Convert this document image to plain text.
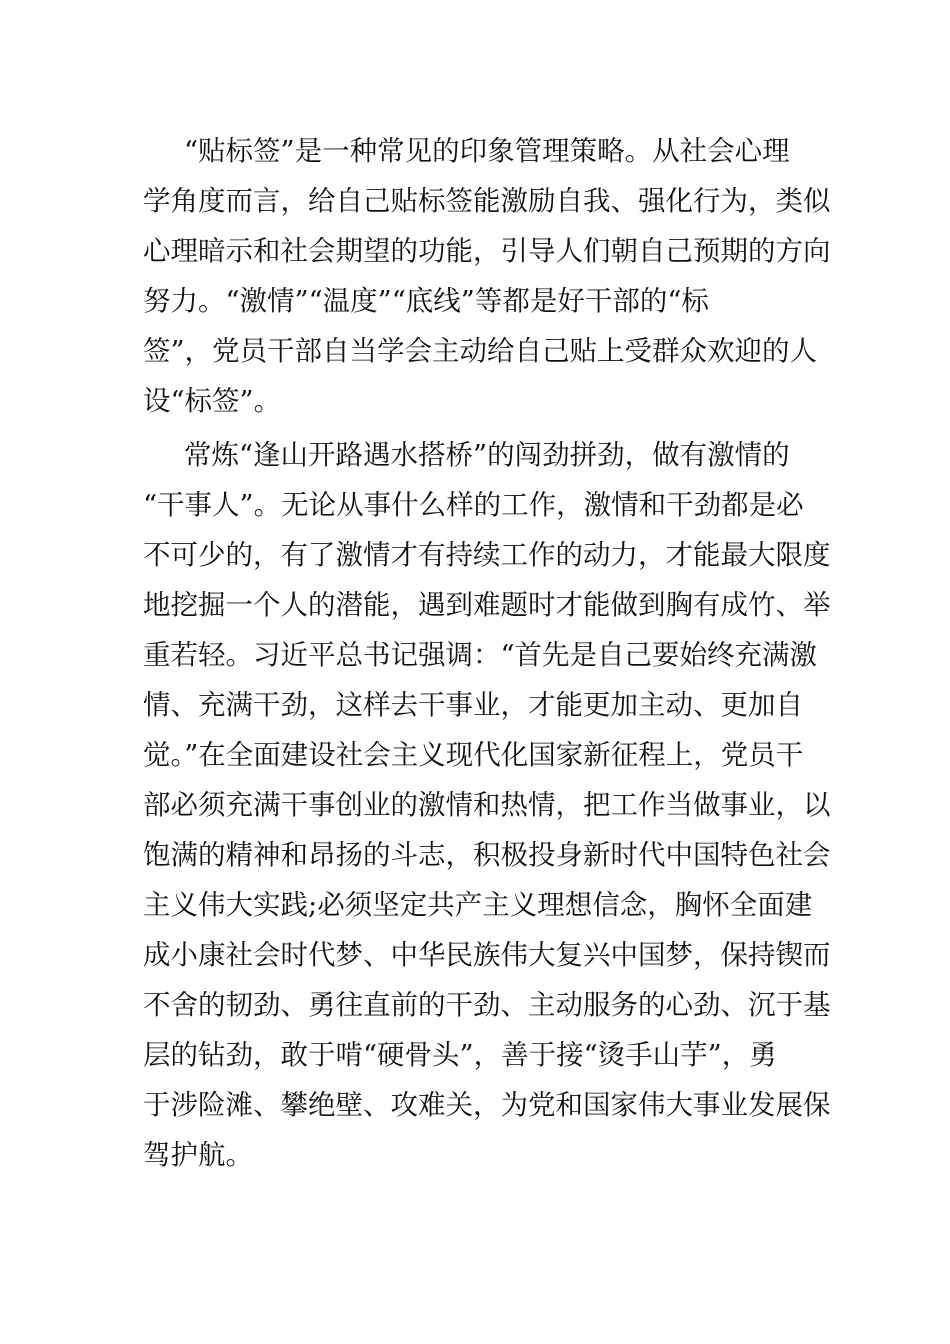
“贴标签”是一种常见的印象管理策略。从社会心理
学角度而言，给自己贴标签能激励自我、强化行为，类似
心理暗示和社会期望的功能，引导人们朝自己预期的方向
努力。“激情”“温度”“底线”等都是好干部的“标
签”，党员干部自当学会主动给自己贴上受群众欢迎的人
设“标签”。
常炼“逢山开路遇水搭桥”的闯劲拼劲，做有激情的
“干事人”。无论从事什么样的工作，激情和干劲都是必
不可少的，有了激情才有持续工作的动力，才能最大限度
地挖掘一个人的潜能，遇到难题时才能做到胸有成竹、举
重若轻。习近平总书记强调：“首先是自己要始终充满激
情、充满干劲，这样去干事业，才能更加主动、更加自
觉。”在全面建设社会主义现代化国家新征程上，党员干
部必须充满干事创业的激情和热情，把工作当做事业，以
饱满的精神和昂扬的斗志，积极投身新时代中国特色社会
主义伟大实践;必须坚定共产主义理想信念，胸怀全面建
成小康社会时代梦、中华民族伟大复兴中国梦，保持锲而
不舍的韧劲、勇往直前的干劲、主动服务的心劲、沉于基
层的钻劲，敢于啃“硬骨头”，善于接“烫手山芋”，勇
于涉险滩、攀绝壁、攻难关，为党和国家伟大事业发展保
驾护航。
